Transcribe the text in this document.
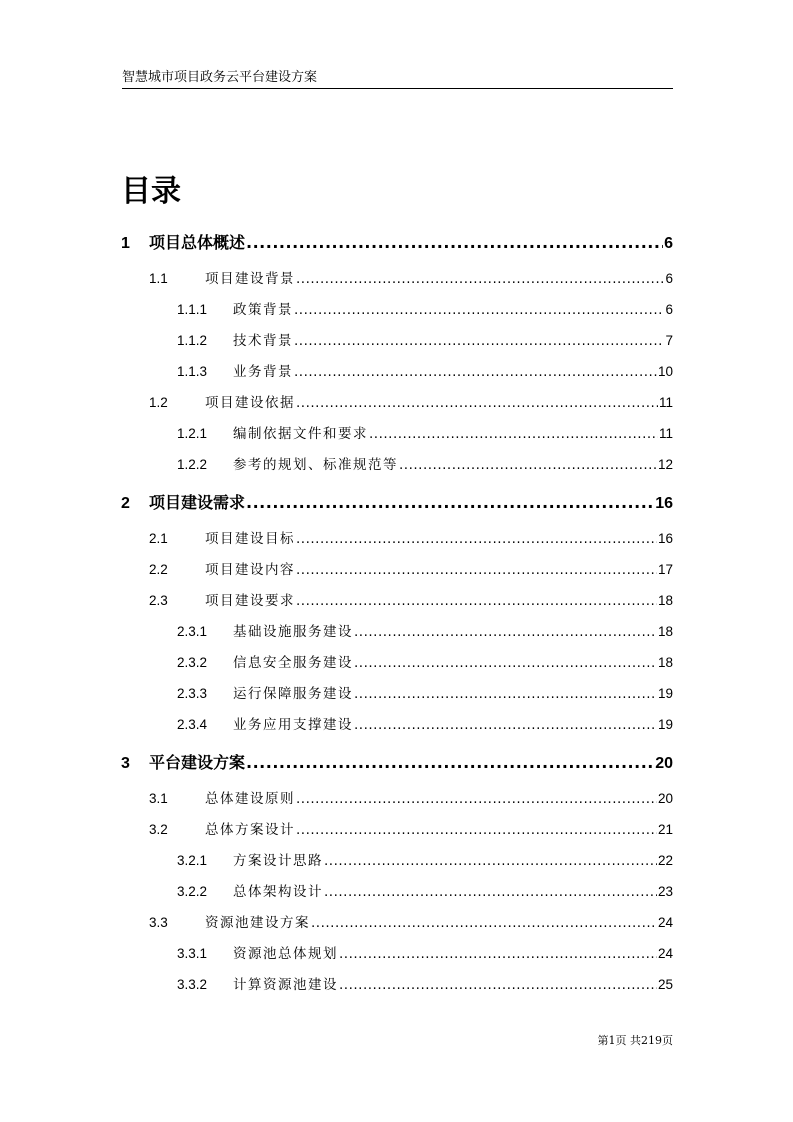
智慧城市项目政务云平台建设方案
目录
1	项目总体概述 .....	6
1.1	项目建设背景 .....	6
1.1.1	政策背景 .....	6
1.1.2	技术背景 .....	7
1.1.3	业务背景 .....	10
1.2	项目建设依据 .....	11
1.2.1	编制依据文件和要求 .....	11
1.2.2	参考的规划、标准规范等 .....	12
2	项目建设需求 .....	16
2.1	项目建设目标 .....	16
2.2	项目建设内容 .....	17
2.3	项目建设要求 .....	18
2.3.1	基础设施服务建设 .....	18
2.3.2	信息安全服务建设 .....	18
2.3.3	运行保障服务建设 .....	19
2.3.4	业务应用支撑建设 .....	19
3	平台建设方案 .....	20
3.1	总体建设原则 .....	20
3.2	总体方案设计 .....	21
3.2.1	方案设计思路 .....	22
3.2.2	总体架构设计 .....	23
3.3	资源池建设方案 .....	24
3.3.1	资源池总体规划 .....	24
3.3.2	计算资源池建设 .....	25
第1页 共219页
